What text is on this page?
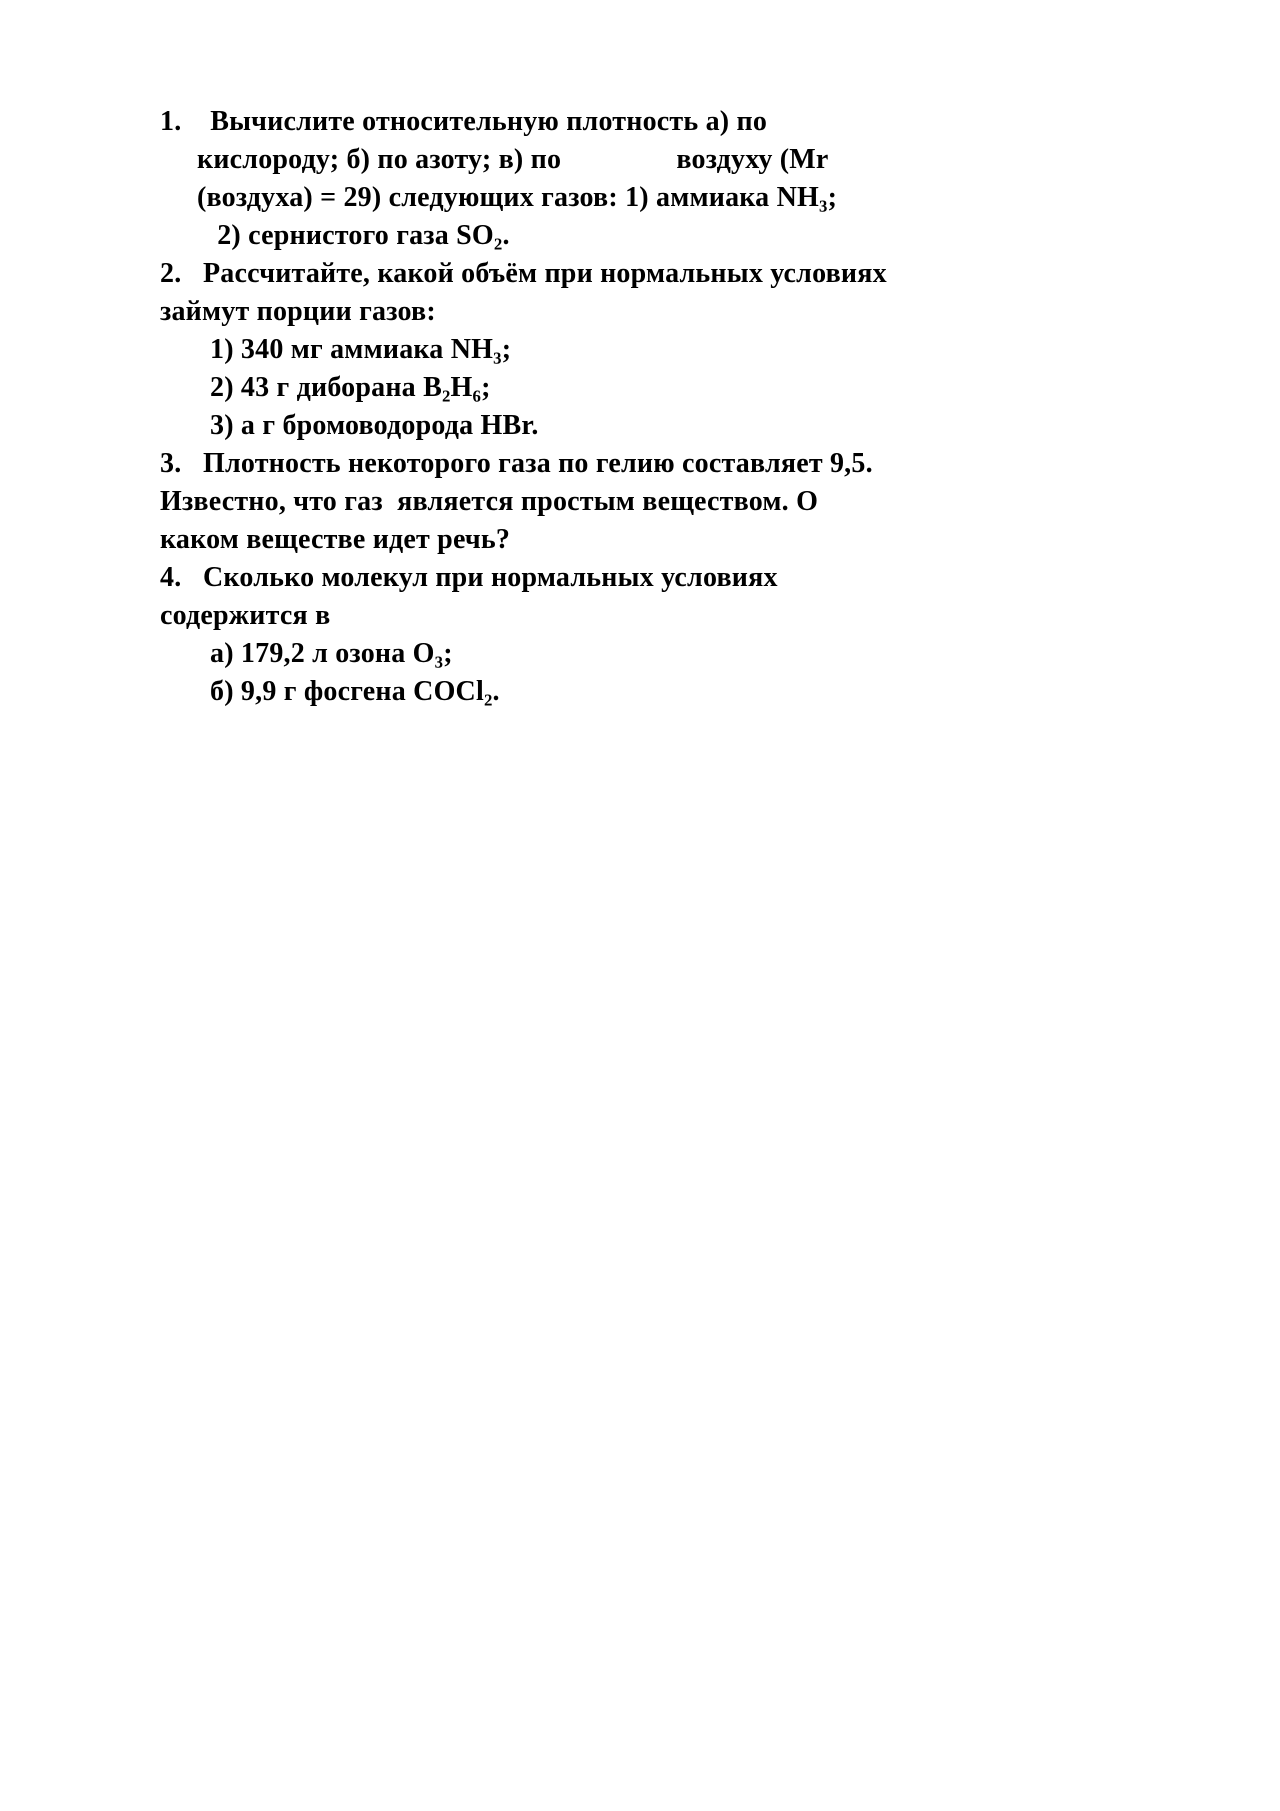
1.    Вычислите относительную плотность а) по

кислороду; б) по азоту; в) по                воздуху (Mr

(воздуха) = 29) следующих газов: 1) аммиака NH₃;

2) сернистого газа SO₂.

2.   Рассчитайте, какой объём при нормальных условиях

займут порции газов:

1) 340 мг аммиака NH₃;

2) 43 г диборана B₂H₆;

3) а г бромоводорода HBr.

3.   Плотность некоторого газа по гелию составляет 9,5.

Известно, что газ  является простым веществом. О

каком веществе идет речь?

4.   Сколько молекул при нормальных условиях

содержится в

а) 179,2 л озона O₃;

б) 9,9 г фосгена COCl₂.
